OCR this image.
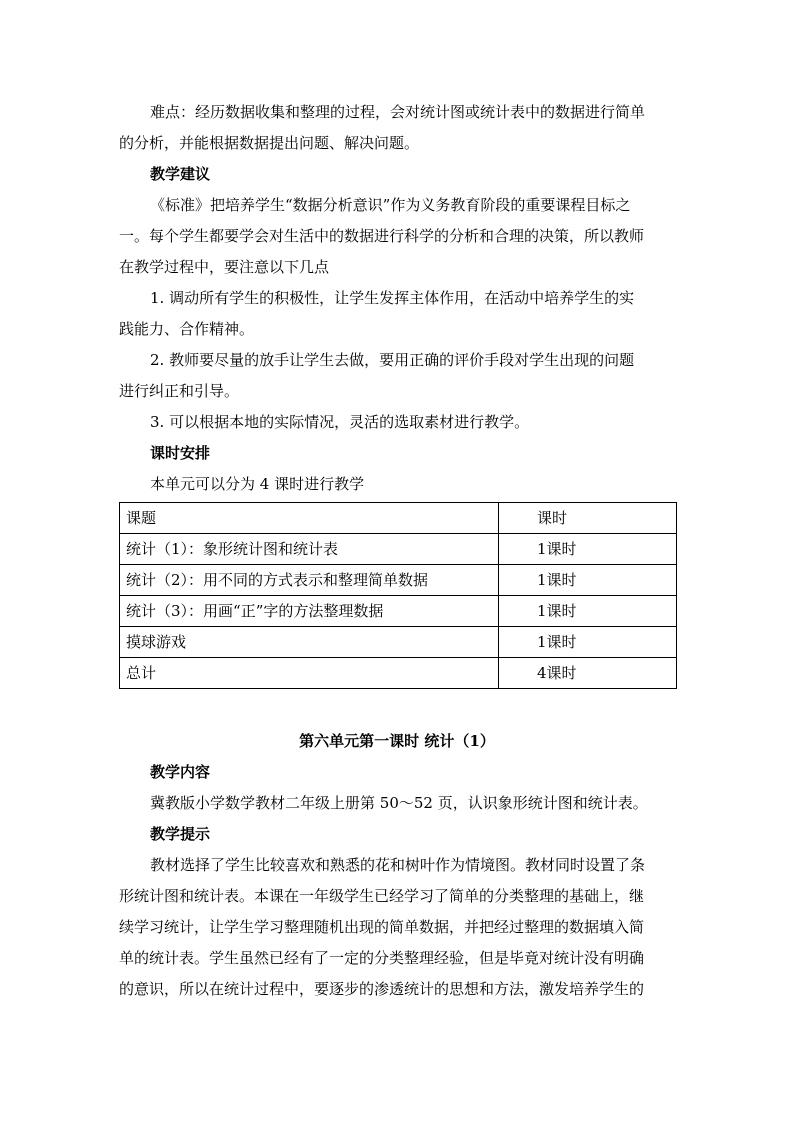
难点：经历数据收集和整理的过程，会对统计图或统计表中的数据进行简单
的分析，并能根据数据提出问题、解决问题。
教学建议
《标准》把培养学生“数据分析意识”作为义务教育阶段的重要课程目标之
一。每个学生都要学会对生活中的数据进行科学的分析和合理的决策，所以教师
在教学过程中，要注意以下几点
1. 调动所有学生的积极性，让学生发挥主体作用，在活动中培养学生的实
践能力、合作精神。
2. 教师要尽量的放手让学生去做，要用正确的评价手段对学生出现的问题
进行纠正和引导。
3. 可以根据本地的实际情况，灵活的选取素材进行教学。
课时安排
本单元可以分为 4 课时进行教学
课题	课时
统计（1）：象形统计图和统计表	1课时
统计（2）：用不同的方式表示和整理简单数据	1课时
统计（3）：用画“正”字的方法整理数据	1课时
摸球游戏	1课时
总计	4课时
第六单元第一课时 统计（1）
教学内容
冀教版小学数学教材二年级上册第 50～52 页，认识象形统计图和统计表。
教学提示
教材选择了学生比较喜欢和熟悉的花和树叶作为情境图。教材同时设置了条
形统计图和统计表。本课在一年级学生已经学习了简单的分类整理的基础上，继
续学习统计，让学生学习整理随机出现的简单数据，并把经过整理的数据填入简
单的统计表。学生虽然已经有了一定的分类整理经验，但是毕竟对统计没有明确
的意识，所以在统计过程中，要逐步的渗透统计的思想和方法，激发培养学生的
